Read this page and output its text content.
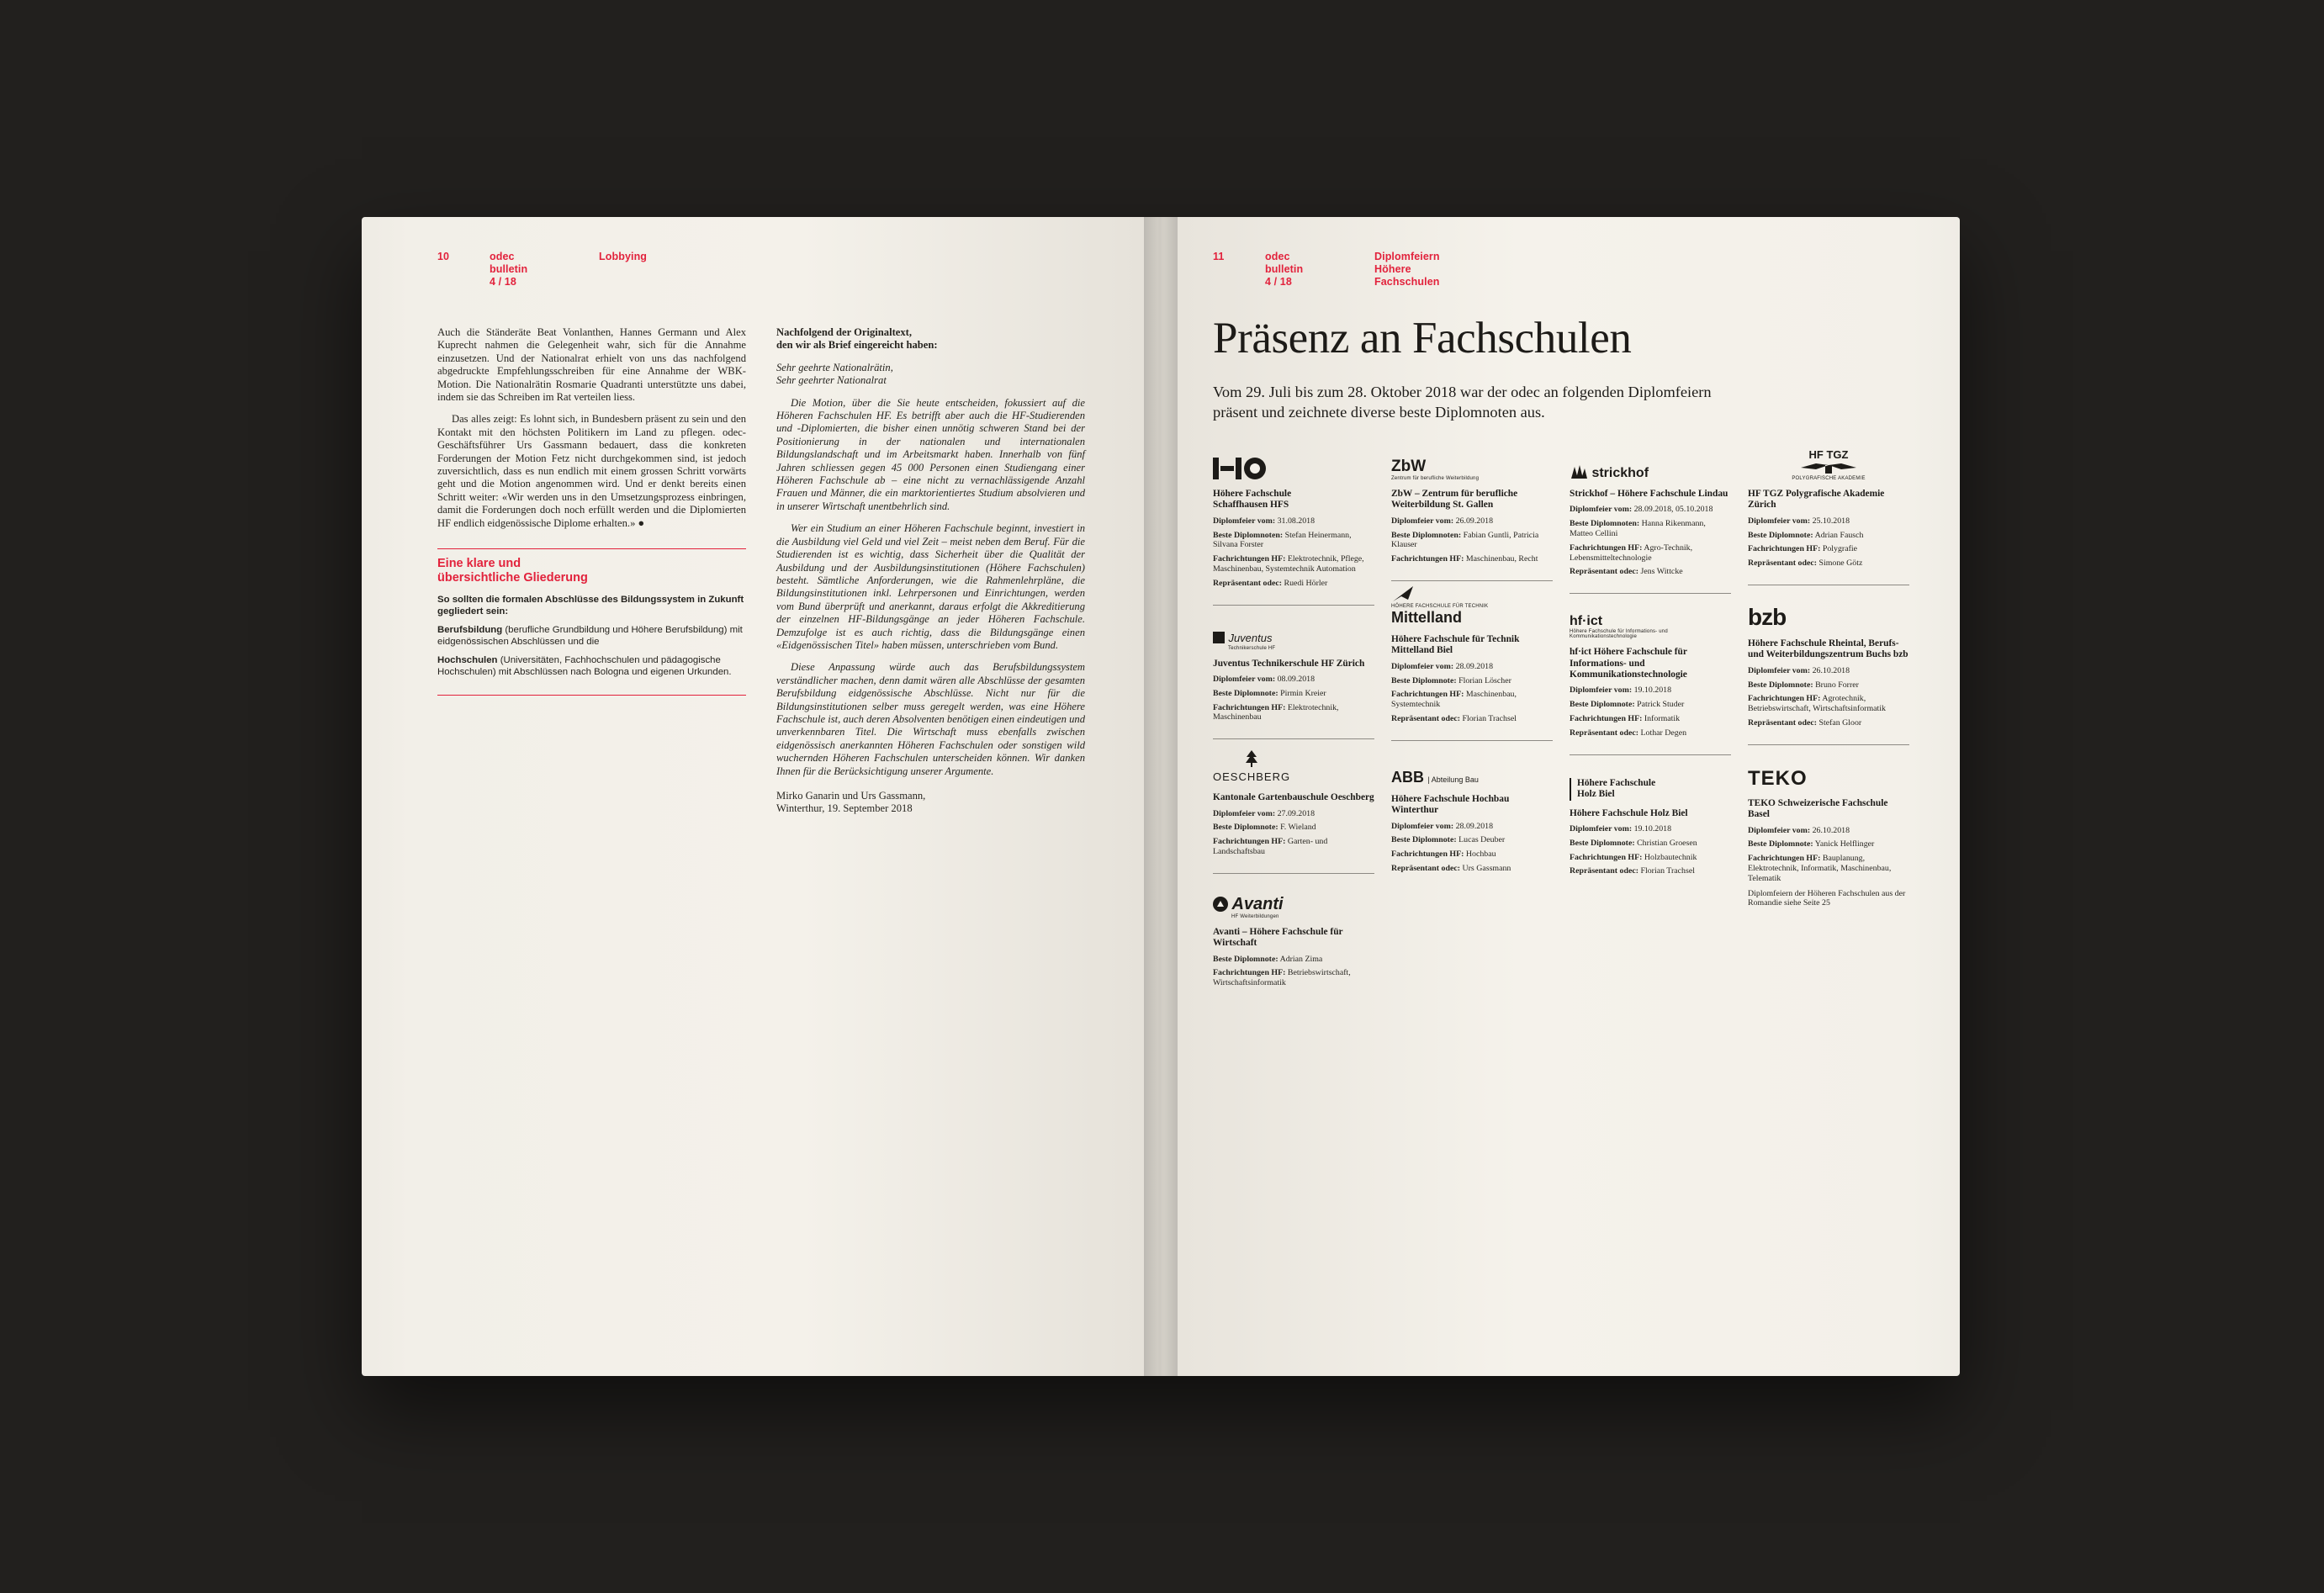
10	odec
bulletin 4 / 18
Lobbying

Auch die Ständeräte Beat Vonlanthen, Hannes Germann und Alex Kuprecht nahmen die Gelegenheit wahr, sich für die Annahme einzusetzen. Und der Nationalrat erhielt von uns das nachfolgend abgedruckte Empfehlungsschreiben für eine Annahme der WBK-Motion. Die Nationalrätin Rosmarie Quadranti unterstützte uns dabei, indem sie das Schreiben im Rat verteilen liess.

Das alles zeigt: Es lohnt sich, in Bundesbern präsent zu sein und den Kontakt mit den höchsten Politikern im Land zu pflegen. odec-Geschäftsführer Urs Gassmann bedauert, dass die konkreten Forderungen der Motion Fetz nicht durchgekommen sind, ist jedoch zuversichtlich, dass es nun endlich mit einem grossen Schritt vorwärts geht und die Motion angenommen wird. Und er denkt bereits einen Schritt weiter: «Wir werden uns in den Umsetzungsprozess einbringen, damit die Forderungen doch noch erfüllt werden und die Diplomierten HF endlich eidgenössische Diplome erhalten.» ●

Eine klare und
übersichtliche Gliederung

So sollten die formalen Abschlüsse des Bildungssystem in Zukunft gegliedert sein:

Berufsbildung (berufliche Grundbildung und Höhere Berufsbildung) mit eidgenössischen Abschlüssen und die

Hochschulen (Universitäten, Fachhochschulen und pädagogische Hochschulen) mit Abschlüssen nach Bologna und eigenen Urkunden.

Nachfolgend der Originaltext,
den wir als Brief eingereicht haben:

Sehr geehrte Nationalrätin,
Sehr geehrter Nationalrat

Die Motion, über die Sie heute entscheiden, fokussiert auf die Höheren Fachschulen HF. Es betrifft aber auch die HF-Studierenden und -Diplomierten, die bisher einen unnötig schweren Stand bei der Positionierung in der nationalen und internationalen Bildungslandschaft und im Arbeitsmarkt haben. Innerhalb von fünf Jahren schliessen gegen 45 000 Personen einen Studiengang einer Höheren Fachschule ab – eine nicht zu vernachlässigende Anzahl Frauen und Männer, die ein marktorientiertes Studium absolvieren und in unserer Wirtschaft unentbehrlich sind.

Wer ein Studium an einer Höheren Fachschule beginnt, investiert in die Ausbildung viel Geld und viel Zeit – meist neben dem Beruf. Für die Studierenden ist es wichtig, dass Sicherheit über die Qualität der Ausbildung und der Ausbildungsinstitutionen (Höhere Fachschulen) besteht. Sämtliche Anforderungen, wie die Rahmenlehrpläne, die Bildungsinstitutionen inkl. Lehrpersonen und Einrichtungen, werden vom Bund überprüft und anerkannt, daraus erfolgt die Akkreditierung der einzelnen HF-Bildungsgänge an jeder Höheren Fachschule. Demzufolge ist es auch richtig, dass die Bildungsgänge einen «Eidgenössischen Titel» haben müssen, unterschrieben vom Bund.

Diese Anpassung würde auch das Berufsbildungssystem verständlicher machen, denn damit wären alle Abschlüsse der gesamten Berufsbildung eidgenössische Abschlüsse. Nicht nur für die Bildungsinstitutionen selber muss geregelt werden, was eine Höhere Fachschule ist, auch deren Absolventen benötigen einen eindeutigen und unverkennbaren Titel. Die Wirtschaft muss ebenfalls zwischen eidgenössisch anerkannten Höheren Fachschulen oder sonstigen wild wuchernden Höheren Fachschulen unterscheiden können. Wir danken Ihnen für die Berücksichtigung unserer Argumente.

Mirko Ganarin und Urs Gassmann,
Winterthur, 19. September 2018

11	odec
bulletin 4 / 18
Diplomfeiern
Höhere Fachschulen
Präsenz an Fachschulen
Vom 29. Juli bis zum 28. Oktober 2018 war der odec an folgenden Diplomfeiern präsent und zeichnete diverse beste Diplomnoten aus.
Höhere Fachschule
Schaffhausen HFS
Diplomfeier vom: 31.08.2018
Beste Diplomnoten: Stefan Heinermann, Silvana Forster
Fachrichtungen HF: Elektrotechnik, Pflege, Maschinenbau, Systemtechnik Automation
Repräsentant odec: Ruedi Hörler
Juventus
Technikerschule HF
Juventus Technikerschule HF Zürich
Diplomfeier vom: 08.09.2018
Beste Diplomnote: Pirmin Kreier
Fachrichtungen HF: Elektrotechnik, Maschinenbau
OESCHBERG
Kantonale Gartenbauschule Oeschberg
Diplomfeier vom: 27.09.2018
Beste Diplomnote: F. Wieland
Fachrichtungen HF: Garten- und Landschaftsbau
Avanti
HF Weiterbildungen
Avanti – Höhere Fachschule für Wirtschaft
Beste Diplomnote: Adrian Zima
Fachrichtungen HF: Betriebswirtschaft, Wirtschaftsinformatik
ZbW
Zentrum für berufliche Weiterbildung
ZbW – Zentrum für berufliche Weiterbildung St. Gallen
Diplomfeier vom: 26.09.2018
Beste Diplomnoten: Fabian Guntli, Patricia Klauser
Fachrichtungen HF: Maschinenbau, Recht
HÖHERE FACHSCHULE FÜR TECHNIK
Mittelland
Höhere Fachschule für Technik Mittelland Biel
Diplomfeier vom: 28.09.2018
Beste Diplomnote: Florian Löscher
Fachrichtungen HF: Maschinenbau, Systemtechnik
Repräsentant odec: Florian Trachsel
ABB | Abteilung Bau
Höhere Fachschule Hochbau Winterthur
Diplomfeier vom: 28.09.2018
Beste Diplomnote: Lucas Deuber
Fachrichtungen HF: Hochbau
Repräsentant odec: Urs Gassmann
strickhof
Strickhof – Höhere Fachschule Lindau
Diplomfeier vom: 28.09.2018, 05.10.2018
Beste Diplomnoten: Hanna Rikenmann, Matteo Cellini
Fachrichtungen HF: Agro-Technik, Lebensmitteltechnologie
Repräsentant odec: Jens Wittcke
hf·ict
Höhere Fachschule für Informations- und Kommunikationstechnologie
hf·ict Höhere Fachschule für Informations- und Kommunikationstechnologie
Diplomfeier vom: 19.10.2018
Beste Diplomnote: Patrick Studer
Fachrichtungen HF: Informatik
Repräsentant odec: Lothar Degen
Höhere Fachschule
Holz Biel
Höhere Fachschule Holz Biel
Diplomfeier vom: 19.10.2018
Beste Diplomnote: Christian Groesen
Fachrichtungen HF: Holzbautechnik
Repräsentant odec: Florian Trachsel
HF TGZ
POLYGRAFISCHE AKADEMIE
HF TGZ Polygrafische Akademie Zürich
Diplomfeier vom: 25.10.2018
Beste Diplomnote: Adrian Fausch
Fachrichtungen HF: Polygrafie
Repräsentant odec: Simone Götz
bzb
Höhere Fachschule Rheintal, Berufs- und Weiterbildungszentrum Buchs bzb
Diplomfeier vom: 26.10.2018
Beste Diplomnote: Bruno Forrer
Fachrichtungen HF: Agrotechnik, Betriebswirtschaft, Wirtschaftsinformatik
Repräsentant odec: Stefan Gloor
TEKO
TEKO Schweizerische Fachschule Basel
Diplomfeier vom: 26.10.2018
Beste Diplomnote: Yanick Helflinger
Fachrichtungen HF: Bauplanung, Elektrotechnik, Informatik, Maschinenbau, Telematik
Diplomfeiern der Höheren Fachschulen aus der Romandie siehe Seite 25
